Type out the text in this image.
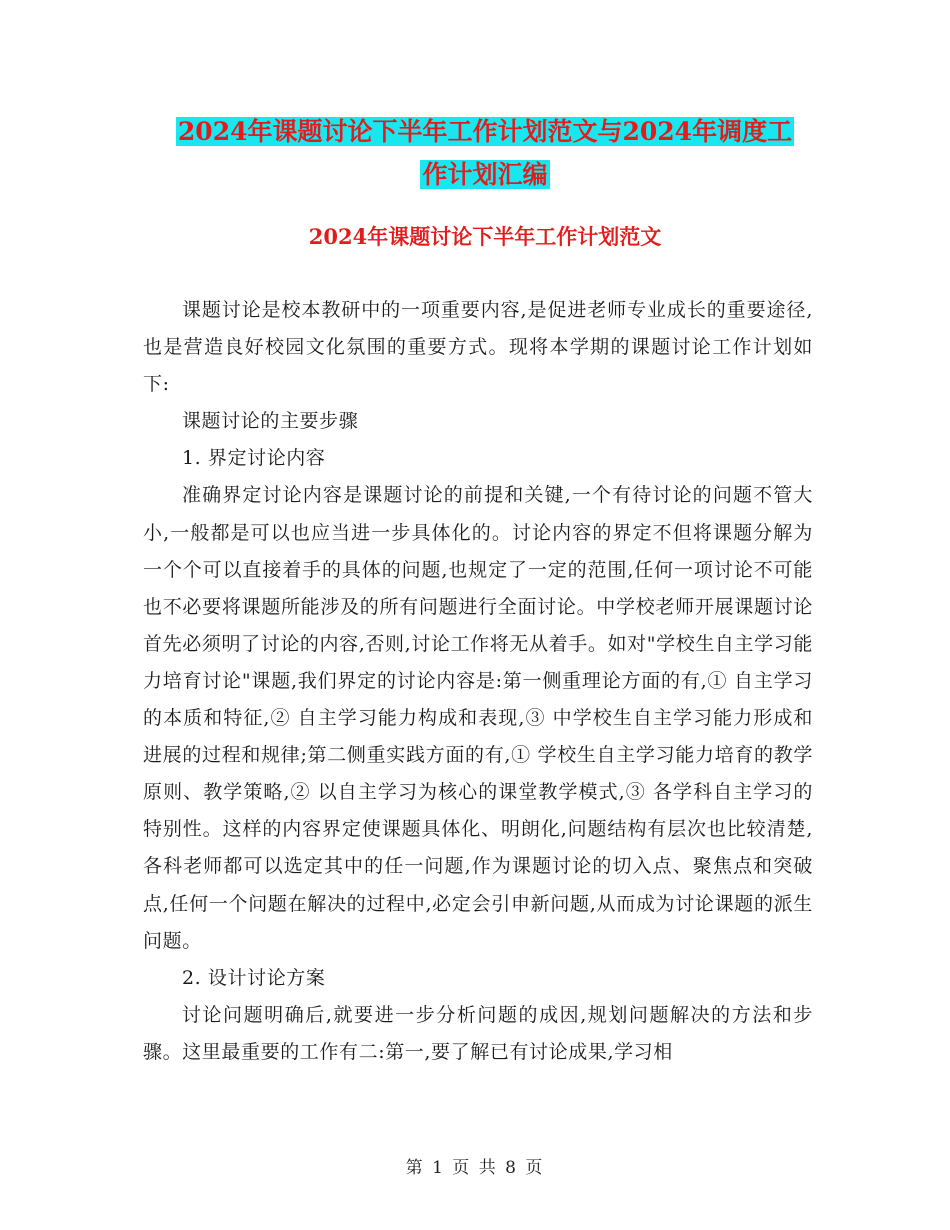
2024年课题讨论下半年工作计划范文与2024年调度工
作计划汇编
2024年课题讨论下半年工作计划范文

课题讨论是校本教研中的一项重要内容,是促进老师专业成长的重要途径,也是营造良好校园文化氛围的重要方式。现将本学期的课题讨论工作计划如下:

课题讨论的主要步骤

1. 界定讨论内容

准确界定讨论内容是课题讨论的前提和关键,一个有待讨论的问题不管大小,一般都是可以也应当进一步具体化的。讨论内容的界定不但将课题分解为一个个可以直接着手的具体的问题,也规定了一定的范围,任何一项讨论不可能也不必要将课题所能涉及的所有问题进行全面讨论。中学校老师开展课题讨论首先必须明了讨论的内容,否则,讨论工作将无从着手。如对"学校生自主学习能力培育讨论"课题,我们界定的讨论内容是:第一侧重理论方面的有,① 自主学习的本质和特征,② 自主学习能力构成和表现,③ 中学校生自主学习能力形成和进展的过程和规律;第二侧重实践方面的有,① 学校生自主学习能力培育的教学原则、教学策略,② 以自主学习为核心的课堂教学模式,③ 各学科自主学习的特别性。这样的内容界定使课题具体化、明朗化,问题结构有层次也比较清楚,各科老师都可以选定其中的任一问题,作为课题讨论的切入点、聚焦点和突破点,任何一个问题在解决的过程中,必定会引申新问题,从而成为讨论课题的派生问题。

2. 设计讨论方案

讨论问题明确后,就要进一步分析问题的成因,规划问题解决的方法和步骤。这里最重要的工作有二:第一,要了解已有讨论成果,学习相

第 1 页 共 8 页
